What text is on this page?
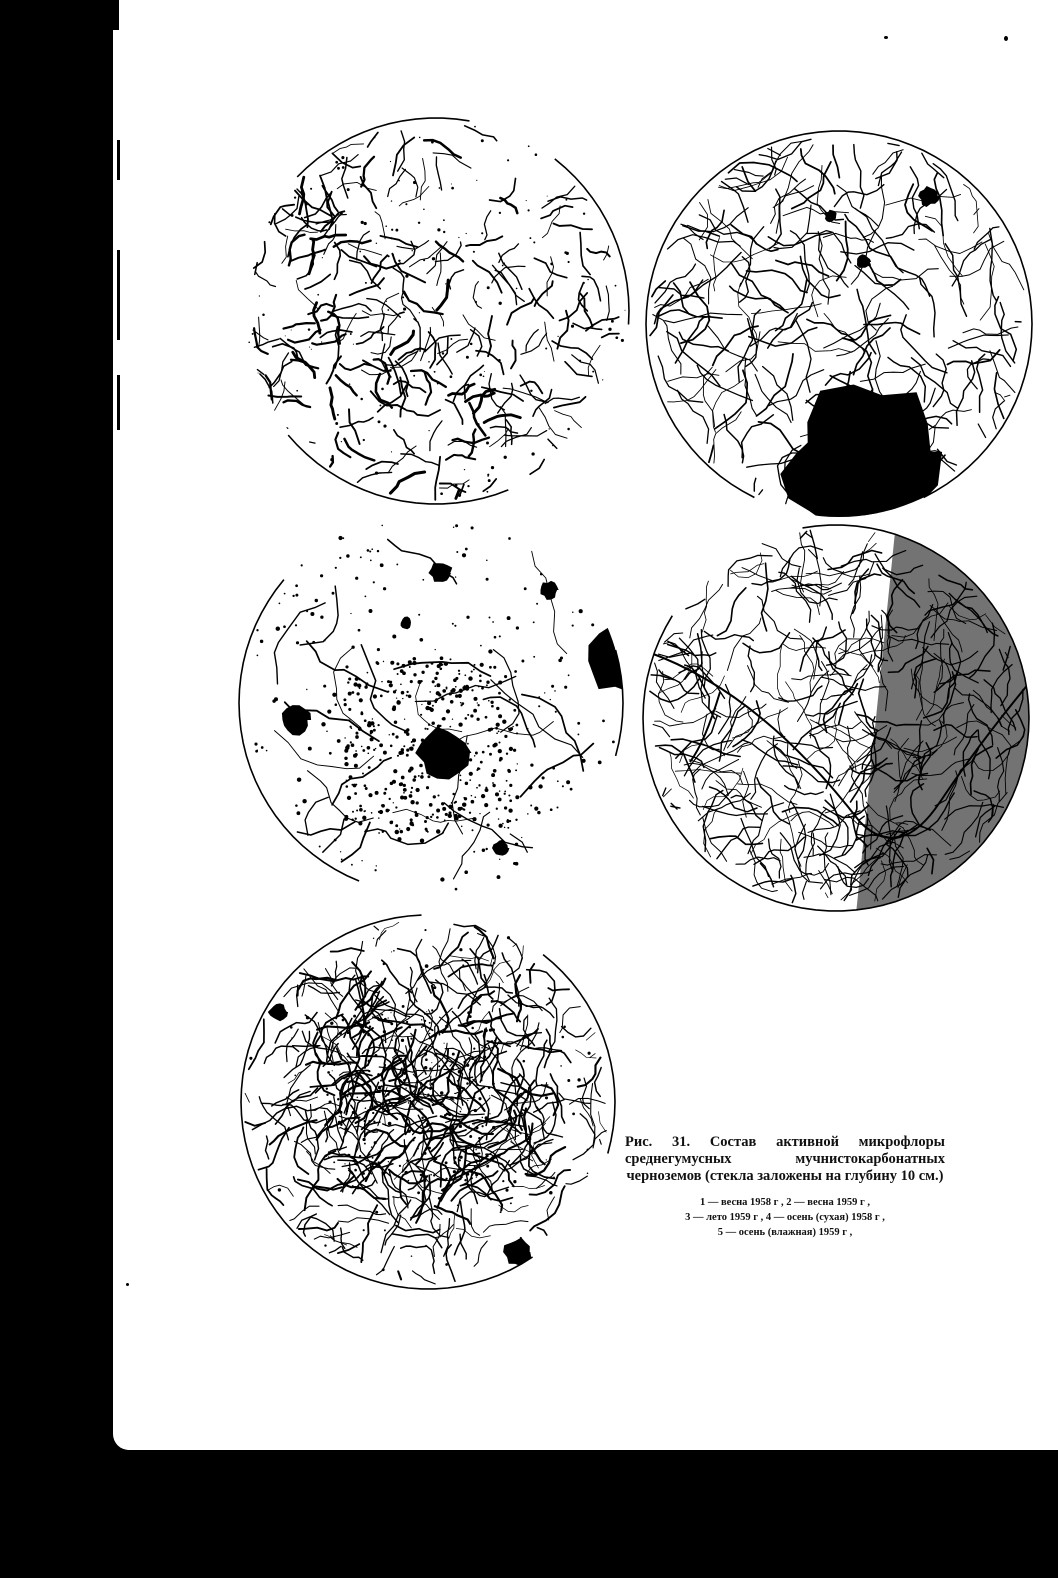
Рис. 31. Состав активной микрофлоры среднегумусных мучнистокарбонатных черноземов (стекла заложены на глубину 10 см.)

1 — весна 1958 г , 2 — весна 1959 г ,
3 — лето 1959 г , 4 — осень (сухая) 1958 г ,
5 — осень (влажная) 1959 г ,
